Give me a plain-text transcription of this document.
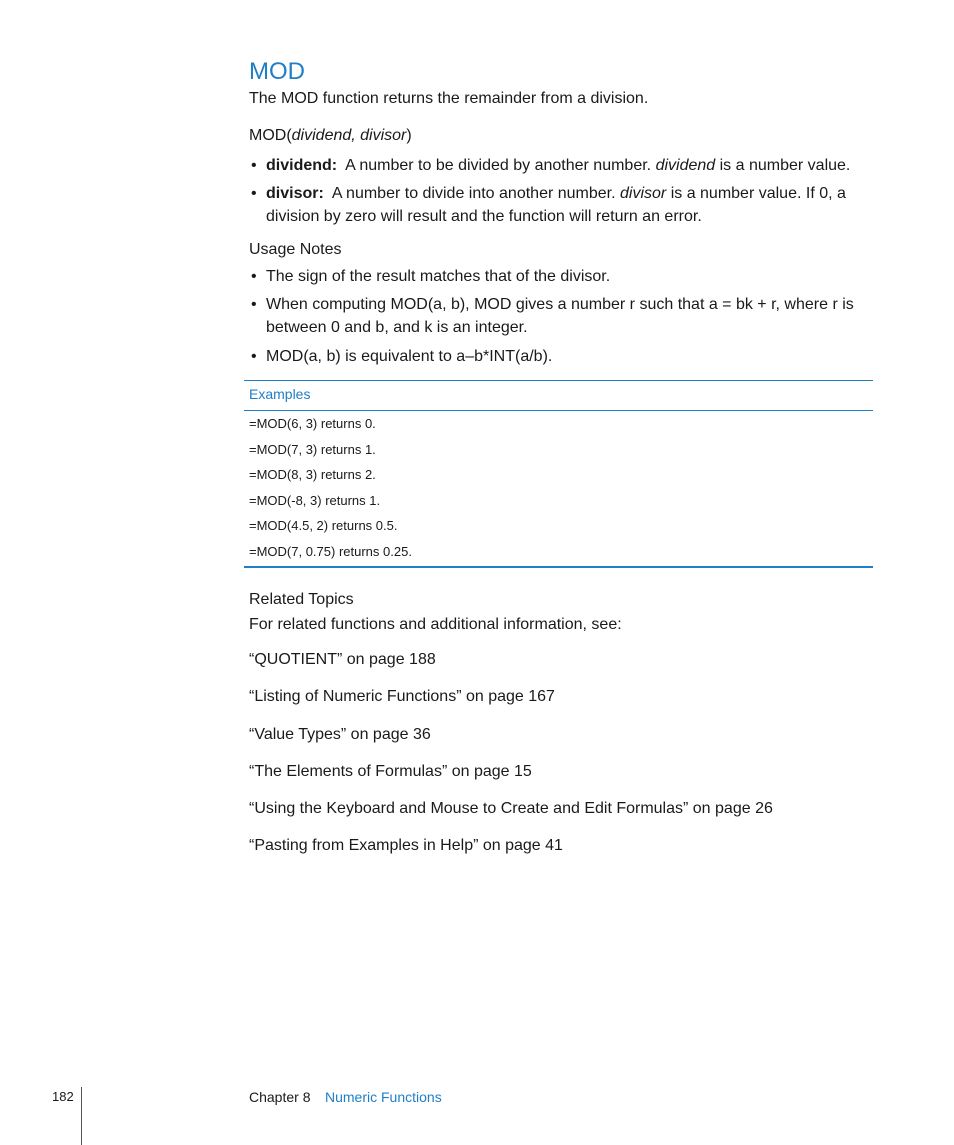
MOD

The MOD function returns the remainder from a division.

MOD(dividend, divisor)

• dividend: A number to be divided by another number. dividend is a number value.
• divisor: A number to divide into another number. divisor is a number value. If 0, a
division by zero will result and the function will return an error.
Usage Notes
• The sign of the result matches that of the divisor.
• When computing MOD(a, b), MOD gives a number r such that a = bk + r, where r is
between 0 and b, and k is an integer.
• MOD(a, b) is equivalent to a–b*INT(a/b).
Examples
=MOD(6, 3) returns 0.
=MOD(7, 3) returns 1.
=MOD(8, 3) returns 2.
=MOD(-8, 3) returns 1.
=MOD(4.5, 2) returns 0.5.
=MOD(7, 0.75) returns 0.25.
Related Topics

For related functions and additional information, see:

“QUOTIENT” on page 188
“Listing of Numeric Functions” on page 167
“Value Types” on page 36
“The Elements of Formulas” on page 15
“Using the Keyboard and Mouse to Create and Edit Formulas” on page 26
“Pasting from Examples in Help” on page 41
182	Chapter 8 Numeric Functions
